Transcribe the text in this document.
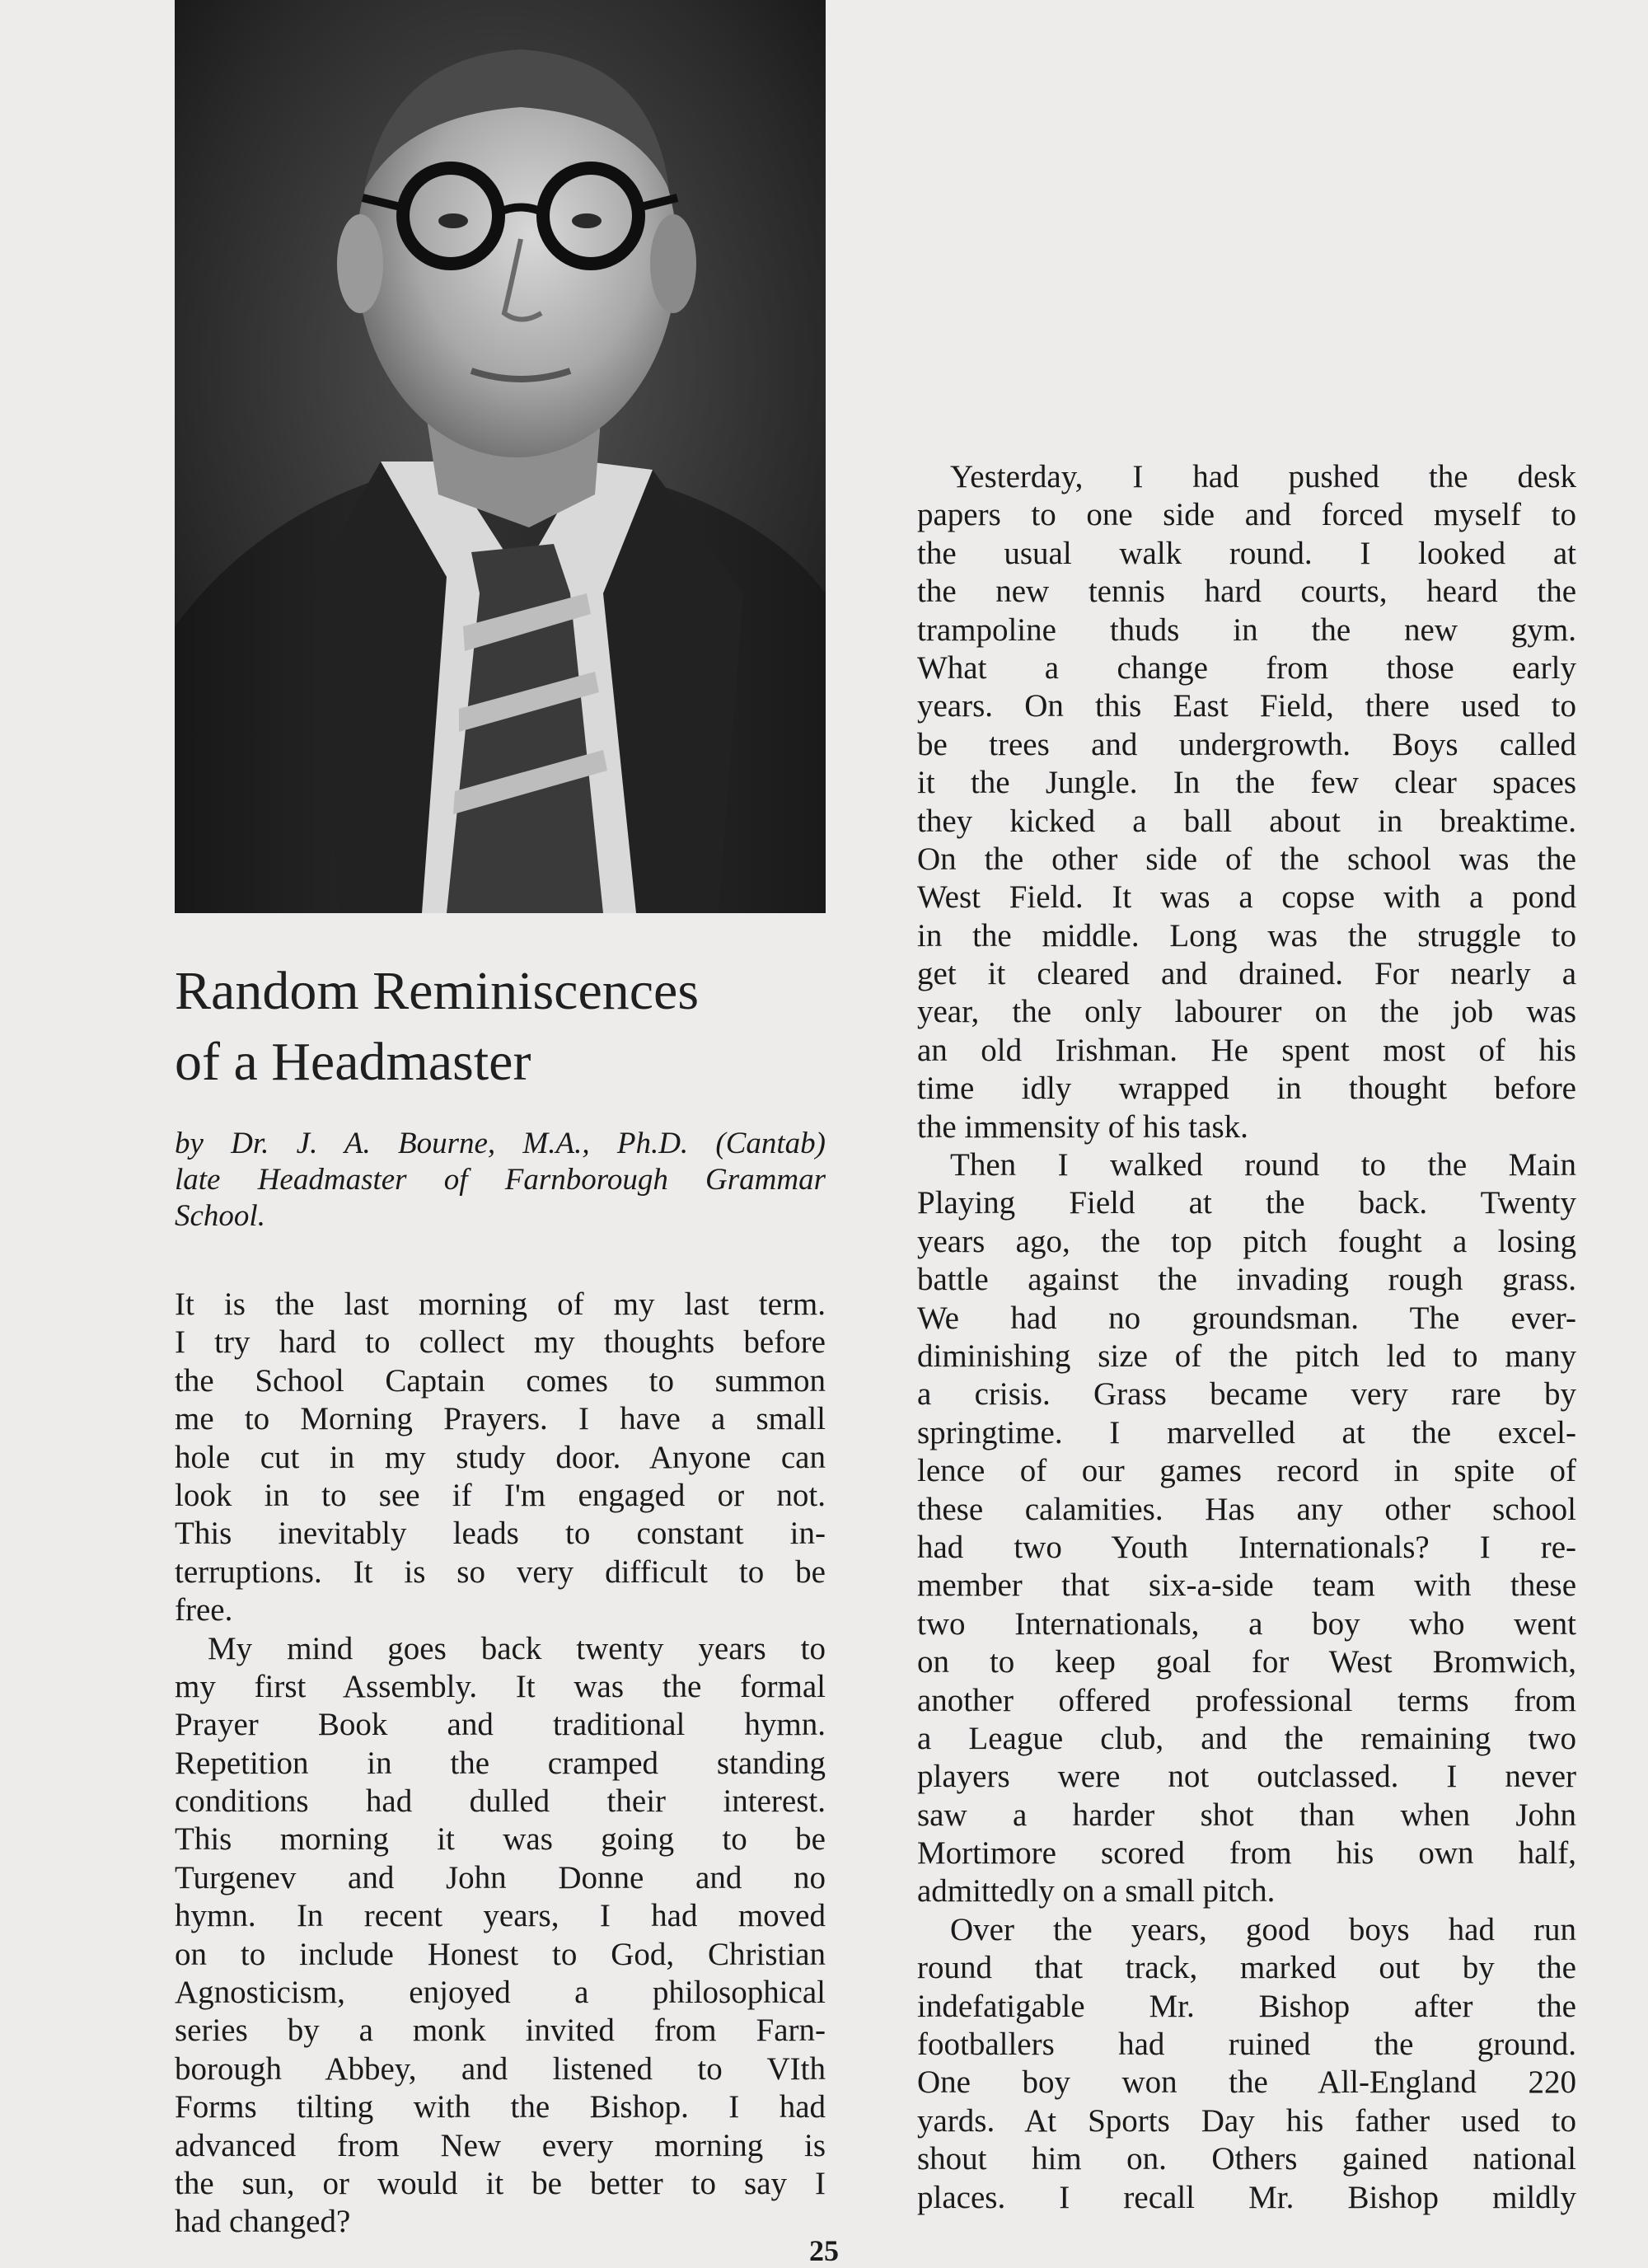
Random Reminiscences
of a Headmaster
by Dr. J. A. Bourne, M.A., Ph.D. (Cantab)
late Headmaster of Farnborough Grammar
School.

It is the last morning of my last term.
I try hard to collect my thoughts before
the School Captain comes to summon
me to Morning Prayers. I have a small
hole cut in my study door. Anyone can
look in to see if I'm engaged or not.
This inevitably leads to constant in-
terruptions. It is so very difficult to be
free.

My mind goes back twenty years to
my first Assembly. It was the formal
Prayer Book and traditional hymn.
Repetition in the cramped standing
conditions had dulled their interest.
This morning it was going to be
Turgenev and John Donne and no
hymn. In recent years, I had moved
on to include Honest to God, Christian
Agnosticism, enjoyed a philosophical
series by a monk invited from Farn-
borough Abbey, and listened to VIth
Forms tilting with the Bishop. I had
advanced from New every morning is
the sun, or would it be better to say I
had changed?

Yesterday, I had pushed the desk
papers to one side and forced myself to
the usual walk round. I looked at
the new tennis hard courts, heard the
trampoline thuds in the new gym.
What a change from those early
years. On this East Field, there used to
be trees and undergrowth. Boys called
it the Jungle. In the few clear spaces
they kicked a ball about in breaktime.
On the other side of the school was the
West Field. It was a copse with a pond
in the middle. Long was the struggle to
get it cleared and drained. For nearly a
year, the only labourer on the job was
an old Irishman. He spent most of his
time idly wrapped in thought before
the immensity of his task.

Then I walked round to the Main
Playing Field at the back. Twenty
years ago, the top pitch fought a losing
battle against the invading rough grass.
We had no groundsman. The ever-
diminishing size of the pitch led to many
a crisis. Grass became very rare by
springtime. I marvelled at the excel-
lence of our games record in spite of
these calamities. Has any other school
had two Youth Internationals? I re-
member that six-a-side team with these
two Internationals, a boy who went
on to keep goal for West Bromwich,
another offered professional terms from
a League club, and the remaining two
players were not outclassed. I never
saw a harder shot than when John
Mortimore scored from his own half,
admittedly on a small pitch.

Over the years, good boys had run
round that track, marked out by the
indefatigable Mr. Bishop after the
footballers had ruined the ground.
One boy won the All-England 220
yards. At Sports Day his father used to
shout him on. Others gained national
places. I recall Mr. Bishop mildly

25
